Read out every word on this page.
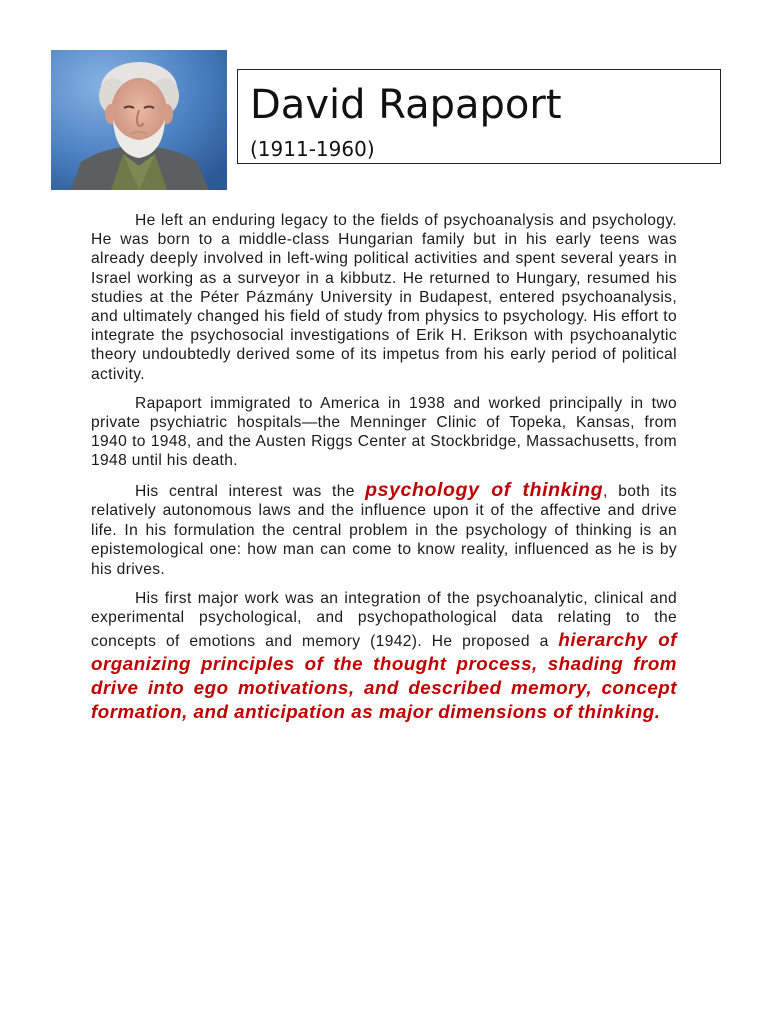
David Rapaport
(1911-1960)

He left an enduring legacy to the fields of psychoanalysis and psychology. He was born to a middle-class Hungarian family but in his early teens was already deeply involved in left-wing political activities and spent several years in Israel working as a surveyor in a kibbutz. He returned to Hungary, resumed his studies at the Péter Pázmány University in Budapest, entered psychoanalysis, and ultimately changed his field of study from physics to psychology. His effort to integrate the psychosocial investigations of Erik H. Erikson with psychoanalytic theory undoubtedly derived some of its impetus from his early period of political activity.

Rapaport immigrated to America in 1938 and worked principally in two private psychiatric hospitals—the Menninger Clinic of Topeka, Kansas, from 1940 to 1948, and the Austen Riggs Center at Stockbridge, Massachusetts, from 1948 until his death.

His central interest was the psychology of thinking, both its relatively autonomous laws and the influence upon it of the affective and drive life. In his formulation the central problem in the psychology of thinking is an epistemological one: how man can come to know reality, influenced as he is by his drives.

His first major work was an integration of the psychoanalytic, clinical and experimental psychological, and psychopathological data relating to the concepts of emotions and memory (1942). He proposed a hierarchy of organizing principles of the thought process, shading from drive into ego motivations, and described memory, concept formation, and anticipation as major dimensions of thinking.
